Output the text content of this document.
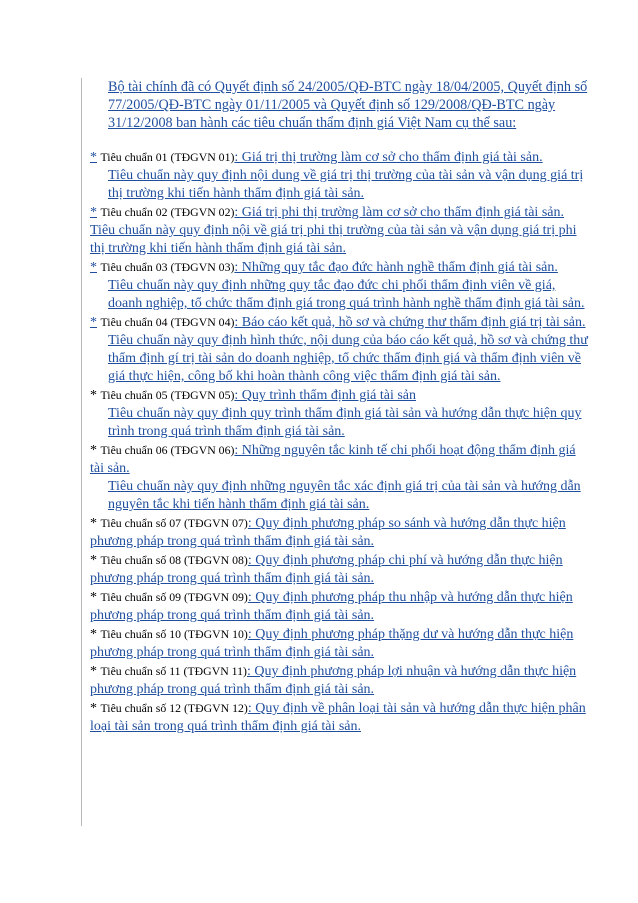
Bộ tài chính đã có Quyết định số 24/2005/QĐ-BTC ngày 18/04/2005, Quyết định số 77/2005/QĐ-BTC ngày 01/11/2005 và Quyết định số 129/2008/QĐ-BTC ngày 31/12/2008 ban hành các tiêu chuẩn thẩm định giá Việt Nam cụ thể sau:

* Tiêu chuẩn 01 (TĐGVN 01): Giá trị thị trường làm cơ sở cho thẩm định giá tài sản.

Tiêu chuẩn này quy định nội dung về giá trị thị trường của tài sản và vận dụng giá trị thị trường khi tiến hành thẩm định giá tài sản.

* Tiêu chuẩn 02 (TĐGVN 02): Giá trị phi thị trường làm cơ sở cho thẩm định giá tài sản.

Tiêu chuẩn này quy định nội về giá trị phi thị trường của tài sản và vận dụng giá trị phi thị trường khi tiến hành thẩm định giá tài sản.

* Tiêu chuẩn 03 (TĐGVN 03): Những quy tắc đạo đức hành nghề thẩm định giá tài sản.

Tiêu chuẩn này quy định những quy tắc đạo đức chi phối thẩm định viên về giá, doanh nghiệp, tổ chức thẩm định giá trong quá trình hành nghề thẩm định giá tài sản.

* Tiêu chuẩn 04 (TĐGVN 04): Báo cáo kết quả, hồ sơ và chứng thư thẩm định giá trị tài sản.

Tiêu chuẩn này quy định hình thức, nội dung của báo cáo kết quả, hồ sơ và chứng thư thẩm định gí trị tài sản do doanh nghiệp, tổ chức thẩm định giá và thẩm định viên về giá thực hiện, công bố khi hoàn thành công việc thẩm định giá tài sản.

* Tiêu chuẩn 05 (TĐGVN 05): Quy trình thẩm định giá tài sản

Tiêu chuẩn này quy định quy trình thẩm định giá tài sản và hướng dẫn thực hiện quy trình trong quá trình thẩm định giá tài sản.

* Tiêu chuẩn 06 (TĐGVN 06): Những nguyên tắc kinh tế chi phối hoạt động thẩm định giá tài sản.

Tiêu chuẩn này quy định những nguyên tắc xác định giá trị của tài sản và hướng dẫn nguyên tắc khi tiến hành thẩm định giá tài sản.

* Tiêu chuẩn số 07 (TĐGVN 07): Quy định phương pháp so sánh và hướng dẫn thực hiện phương pháp trong quá trình thẩm định giá tài sản.
* Tiêu chuẩn số 08 (TĐGVN 08): Quy định phương pháp chi phí và hướng dẫn thực hiện phương pháp trong quá trình thẩm định giá tài sản.
* Tiêu chuẩn số 09 (TĐGVN 09): Quy định phương pháp thu nhập và hướng dẫn thực hiện phương pháp trong quá trình thẩm định giá tài sản.
* Tiêu chuẩn số 10 (TĐGVN 10): Quy định phương pháp thặng dư và hướng dẫn thực hiện phương pháp trong quá trình thẩm định giá tài sản.
* Tiêu chuẩn số 11 (TĐGVN 11): Quy định phương pháp lợi nhuận và hướng dẫn thực hiện phương pháp trong quá trình thẩm định giá tài sản.
* Tiêu chuẩn số 12 (TĐGVN 12): Quy định về phân loại tài sản và hướng dẫn thực hiện phân loại tài sản trong quá trình thẩm định giá tài sản.
